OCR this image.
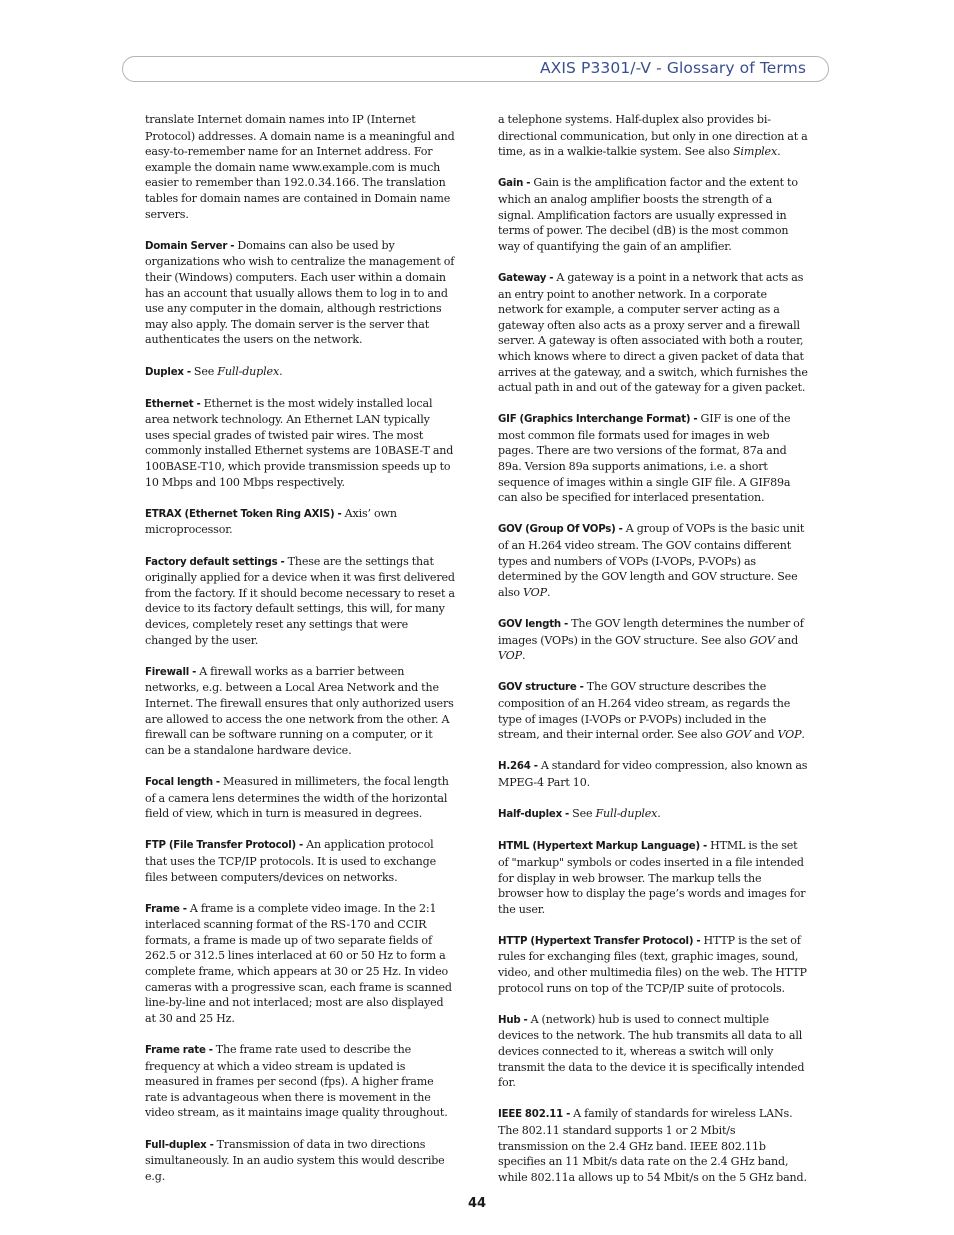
AXIS P3301/-V - Glossary of Terms

translate Internet domain names into IP (Internet Protocol) addresses. A domain name is a meaningful and easy-to-remember name for an Internet address. For example the domain name www.example.com is much easier to remember than 192.0.34.166. The translation tables for domain names are contained in Domain name servers.

Domain Server - Domains can also be used by organizations who wish to centralize the management of their (Windows) computers. Each user within a domain has an account that usually allows them to log in to and use any computer in the domain, although restrictions may also apply. The domain server is the server that authenticates the users on the network.

Duplex - See Full-duplex.

Ethernet - Ethernet is the most widely installed local area network technology. An Ethernet LAN typically uses special grades of twisted pair wires. The most commonly installed Ethernet systems are 10BASE-T and 100BASE-T10, which provide transmission speeds up to 10 Mbps and 100 Mbps respectively.

ETRAX (Ethernet Token Ring AXIS) - Axis’ own microprocessor.

Factory default settings - These are the settings that originally applied for a device when it was first delivered from the factory. If it should become necessary to reset a device to its factory default settings, this will, for many devices, completely reset any settings that were changed by the user.

Firewall - A firewall works as a barrier between networks, e.g. between a Local Area Network and the Internet. The firewall ensures that only authorized users are allowed to access the one network from the other. A firewall can be software running on a computer, or it can be a standalone hardware device.

Focal length - Measured in millimeters, the focal length of a camera lens determines the width of the horizontal field of view, which in turn is measured in degrees.

FTP (File Transfer Protocol) - An application protocol that uses the TCP/IP protocols. It is used to exchange files between computers/devices on networks.

Frame - A frame is a complete video image. In the 2:1 interlaced scanning format of the RS-170 and CCIR formats, a frame is made up of two separate fields of 262.5 or 312.5 lines interlaced at 60 or 50 Hz to form a complete frame, which appears at 30 or 25 Hz. In video cameras with a progressive scan, each frame is scanned line-by-line and not interlaced; most are also displayed at 30 and 25 Hz.

Frame rate - The frame rate used to describe the frequency at which a video stream is updated is measured in frames per second (fps). A higher frame rate is advantageous when there is movement in the video stream, as it maintains image quality throughout.

Full-duplex - Transmission of data in two directions simultaneously. In an audio system this would describe e.g.

a telephone systems. Half-duplex also provides bi-directional communication, but only in one direction at a time, as in a walkie-talkie system. See also Simplex.

Gain - Gain is the amplification factor and the extent to which an analog amplifier boosts the strength of a signal. Amplification factors are usually expressed in terms of power. The decibel (dB) is the most common way of quantifying the gain of an amplifier.

Gateway - A gateway is a point in a network that acts as an entry point to another network. In a corporate network for example, a computer server acting as a gateway often also acts as a proxy server and a firewall server. A gateway is often associated with both a router, which knows where to direct a given packet of data that arrives at the gateway, and a switch, which furnishes the actual path in and out of the gateway for a given packet.

GIF (Graphics Interchange Format) - GIF is one of the most common file formats used for images in web pages. There are two versions of the format, 87a and 89a. Version 89a supports animations, i.e. a short sequence of images within a single GIF file. A GIF89a can also be specified for interlaced presentation.

GOV (Group Of VOPs) - A group of VOPs is the basic unit of an H.264 video stream. The GOV contains different types and numbers of VOPs (I-VOPs, P-VOPs) as determined by the GOV length and GOV structure. See also VOP.

GOV length - The GOV length determines the number of images (VOPs) in the GOV structure. See also GOV and VOP.

GOV structure - The GOV structure describes the composition of an H.264 video stream, as regards the type of images (I-VOPs or P-VOPs) included in the stream, and their internal order. See also GOV and VOP.

H.264 - A standard for video compression, also known as MPEG-4 Part 10.

Half-duplex - See Full-duplex.

HTML (Hypertext Markup Language) - HTML is the set of "markup" symbols or codes inserted in a file intended for display in web browser. The markup tells the browser how to display the page’s words and images for the user.

HTTP (Hypertext Transfer Protocol) - HTTP is the set of rules for exchanging files (text, graphic images, sound, video, and other multimedia files) on the web. The HTTP protocol runs on top of the TCP/IP suite of protocols.

Hub - A (network) hub is used to connect multiple devices to the network. The hub transmits all data to all devices connected to it, whereas a switch will only transmit the data to the device it is specifically intended for.

IEEE 802.11 - A family of standards for wireless LANs. The 802.11 standard supports 1 or 2 Mbit/s transmission on the 2.4 GHz band. IEEE 802.11b specifies an 11 Mbit/s data rate on the 2.4 GHz band, while 802.11a allows up to 54 Mbit/s on the 5 GHz band.

44
